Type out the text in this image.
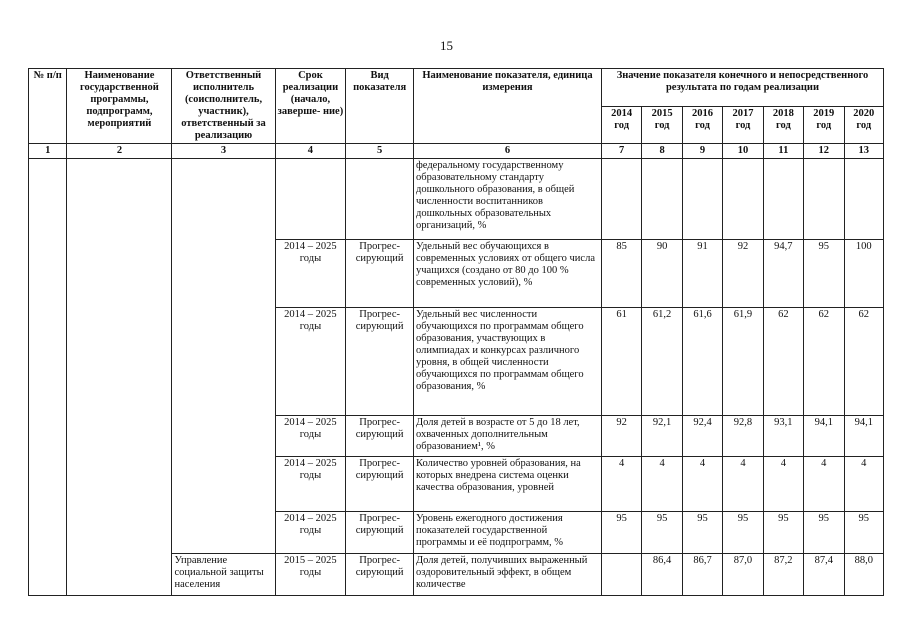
15
№ п/п	Наименование государственной программы, подпрограмм, мероприятий	Ответственный исполнитель (соисполнитель, участник), ответственный за реализацию	Срок реализации (начало, заверше- ние)	Вид показателя	Наименование показателя, единица измерения	Значение показателя конечного и непосредственного результата по годам реализации						
						2014 год	2015 год	2016 год	2017 год	2018 год	2019 год	2020 год
1	2	3	4	5	6	7	8	9	10	11	12	13
					федеральному государственному образовательному стандарту дошкольного образования, в общей численности воспитанников дошкольных образовательных организаций, %							
			2014 – 2025 годы	Прогрес- сирующий	Удельный вес обучающихся в современных условиях от общего числа учащихся (создано от 80 до 100 % современных условий), %	85	90	91	92	94,7	95	100
			2014 – 2025 годы	Прогрес- сирующий	Удельный вес численности обучающихся по программам общего образования, участвующих в олимпиадах и конкурсах различного уровня, в общей численности обучающихся по программам общего образования, %	61	61,2	61,6	61,9	62	62	62
			2014 – 2025 годы	Прогрес- сирующий	Доля детей в возрасте от 5 до 18 лет, охваченных дополнительным образованием¹, %	92	92,1	92,4	92,8	93,1	94,1	94,1
			2014 – 2025 годы	Прогрес- сирующий	Количество уровней образования, на которых внедрена система оценки качества образования, уровней	4	4	4	4	4	4	4
			2014 – 2025 годы	Прогрес- сирующий	Уровень ежегодного достижения показателей государственной программы и её подпрограмм, %	95	95	95	95	95	95	95
		Управление социальной защиты населения	2015 – 2025 годы	Прогрес- сирующий	Доля детей, получивших выраженный оздоровительный эффект, в общем количестве		86,4	86,7	87,0	87,2	87,4	88,0
